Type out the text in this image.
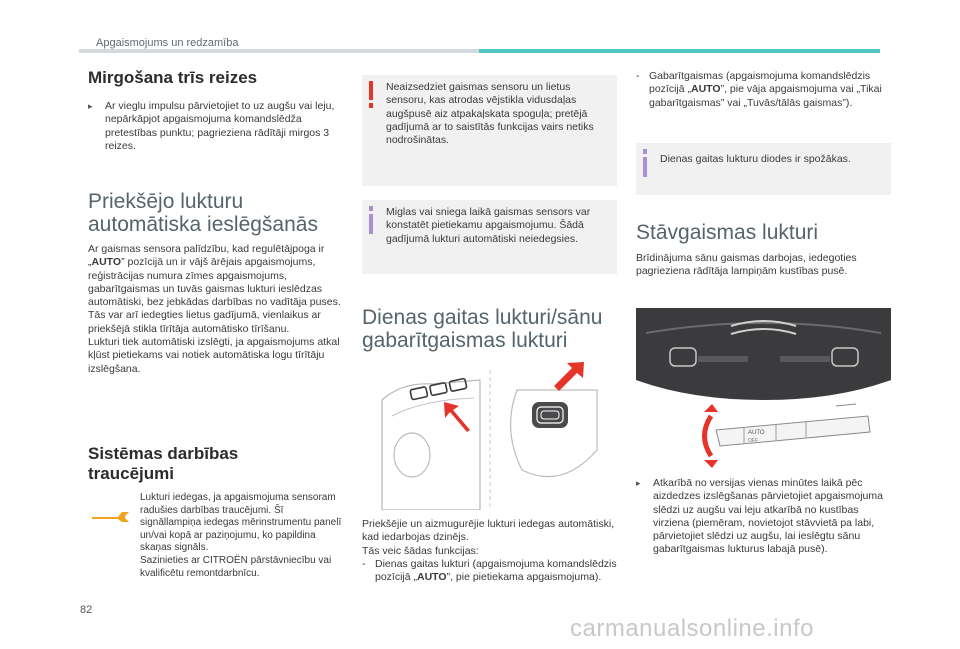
Apgaismojums un redzamība
Mirgošana trīs reizes
▸	Ar vieglu impulsu pārvietojiet to uz augšu vai leju, nepārkāpjot apgaismojuma komandslēdža pretestības punktu; pagrieziena rādītāji mirgos 3 reizes.

Priekšējo lukturu
automātiska ieslēgšanās

Ar gaismas sensora palīdzību, kad regulētājpoga ir „AUTO” pozīcijā un ir vājš ārējais apgaismojums, reģistrācijas numura zīmes apgaismojums, gabarītgaismas un tuvās gaismas lukturi ieslēdzas automātiski, bez jebkādas darbības no vadītāja puses. Tās var arī iedegties lietus gadījumā, vienlaikus ar priekšējā stikla tīrītāja automātisko tīrīšanu.
Lukturi tiek automātiski izslēgti, ja apgaismojums atkal kļūst pietiekams vai notiek automātiska logu tīrītāju izslēgšana.

Sistēmas darbības
traucējumi

Lukturi iedegas, ja apgaismojuma sensoram radušies darbības traucējumi. Šī signāllampiņa iedegas mērinstrumentu panelī un/vai kopā ar paziņojumu, ko papildina skaņas signāls.
Sazinieties ar CITROËN pārstāvniecību vai kvalificētu remontdarbnīcu.

Neaizsedziet gaismas sensoru un lietus sensoru, kas atrodas vējstikla vidusdaļas augšpusē aiz atpakaļskata spoguļa; pretējā gadījumā ar to saistītās funkcijas vairs netiks nodrošinātas.

Miglas vai sniega laikā gaismas sensors var konstatēt pietiekamu apgaismojumu. Šādā gadījumā lukturi automātiski neiedegsies.

Dienas gaitas lukturi/sānu
gabarītgaismas lukturi

Priekšējie un aizmugurējie lukturi iedegas automātiski, kad iedarbojas dzinējs.
Tās veic šādas funkcijas:

- Dienas gaitas lukturi (apgaismojuma komandslēdzis pozīcijā „AUTO”, pie pietiekama apgaismojuma).

- Gabarītgaismas (apgaismojuma komandslēdzis pozīcijā „AUTO”, pie vāja apgaismojuma vai „Tikai gabarītgaismas” vai „Tuvās/tālās gaismas”).

Dienas gaitas lukturu diodes ir spožākas.

Stāvgaismas lukturi

Brīdinājuma sānu gaismas darbojas, iedegoties pagrieziena rādītāja lampiņām kustības pusē.

AUTO
OFF
▸	Atkarībā no versijas vienas minūtes laikā pēc aizdedzes izslēgšanas pārvietojiet apgaismojuma slēdzi uz augšu vai leju atkarībā no kustības virziena (piemēram, novietojot stāvvietā pa labi, pārvietojiet slēdzi uz augšu, lai ieslēgtu sānu gabarītgaismas lukturus labajā pusē).

82
carmanualsonline.info
